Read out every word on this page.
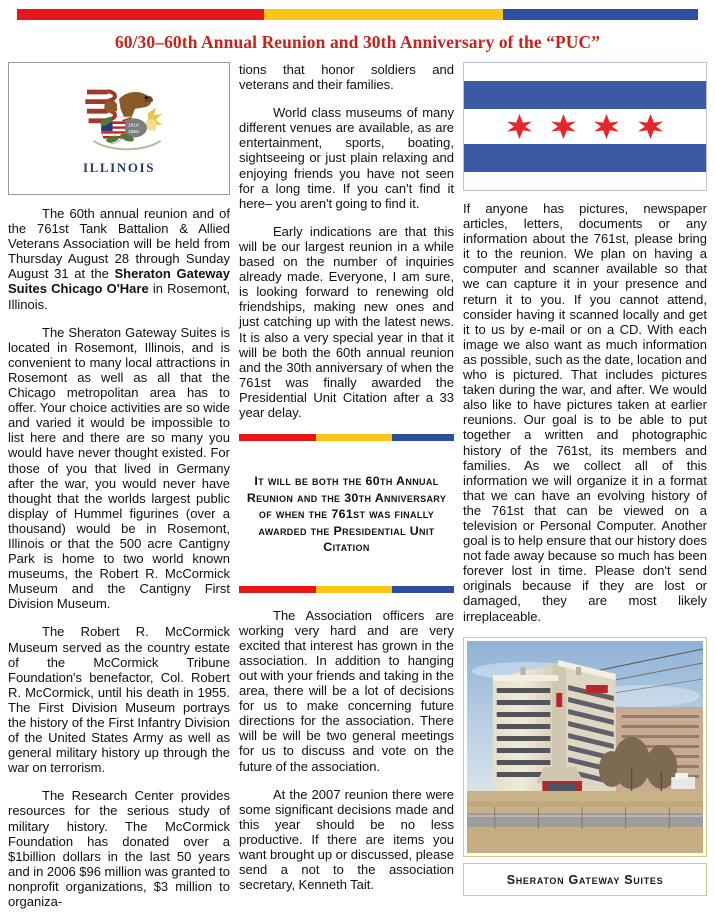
60/30–60th Annual Reunion and 30th Anniversary of the “PUC”
1818
1868
ILLINOIS

The 60th annual reunion and of the 761st Tank Battalion & Allied Veterans Association will be held from Thursday August 28 through Sunday August 31 at the Sheraton Gateway Suites Chicago O'Hare in Rosemont, Illinois.

The Sheraton Gateway Suites is located in Rosemont, Illinois, and is convenient to many local attractions in Rosemont as well as all that the Chicago metropolitan area has to offer. Your choice activities are so wide and varied it would be impossible to list here and there are so many you would have never thought existed. For those of you that lived in Germany after the war, you would never have thought that the worlds largest public display of Hummel figurines (over a thousand) would be in Rosemont, Illinois or that the 500 acre Cantigny Park is home to two world known museums, the Robert R. McCormick Museum and the Cantigny First Division Museum.

The Robert R. McCormick Museum served as the country estate of the McCormick Tribune Foundation's benefactor, Col. Robert R. McCormick, until his death in 1955. The First Division Museum portrays the history of the First Infantry Division of the United States Army as well as general military history up through the war on terrorism.

The Research Center provides resources for the serious study of military history. The McCormick Foundation has donated over a $1billion dollars in the last 50 years and in 2006 $96 million was granted to nonprofit organizations, $3 million to organiza-

tions that honor soldiers and veterans and their families.

World class museums of many different venues are available, as are entertainment, sports, boating, sightseeing or just plain relaxing and enjoying friends you have not seen for a long time. If you can't find it here– you aren't going to find it.

Early indications are that this will be our largest reunion in a while based on the number of inquiries already made. Everyone, I am sure, is looking forward to renewing old friendships, making new ones and just catching up with the latest news. It is also a very special year in that it will be both the 60th annual reunion and the 30th anniversary of when the 761st was finally awarded the Presidential Unit Citation after a 33 year delay.

It will be both the 60th Annual Reunion and the 30th Anniversary of when the 761st was finally awarded the Presidential Unit Citation

The Association officers are working very hard and are very excited that interest has grown in the association. In addition to hanging out with your friends and taking in the area, there will be a lot of decisions for us to make concerning future directions for the association. There will be will be two general meetings for us to discuss and vote on the future of the association.

At the 2007 reunion there were some significant decisions made and this year should be no less productive. If there are items you want brought up or discussed, please send a not to the association secretary, Kenneth Tait.

If anyone has pictures, newspaper articles, letters, documents or any information about the 761st, please bring it to the reunion. We plan on having a computer and scanner available so that we can capture it in your presence and return it to you. If you cannot attend, consider having it scanned locally and get it to us by e-mail or on a CD. With each image we also want as much information as possible, such as the date, location and who is pictured. That includes pictures taken during the war, and after. We would also like to have pictures taken at earlier reunions. Our goal is to be able to put together a written and photographic history of the 761st, its members and families. As we collect all of this information we will organize it in a format that we can have an evolving history of the 761st that can be viewed on a television or Personal Computer. Another goal is to help ensure that our history does not fade away because so much has been forever lost in time. Please don't send originals because if they are lost or damaged, they are most likely irreplaceable.

Sheraton Gateway Suites
